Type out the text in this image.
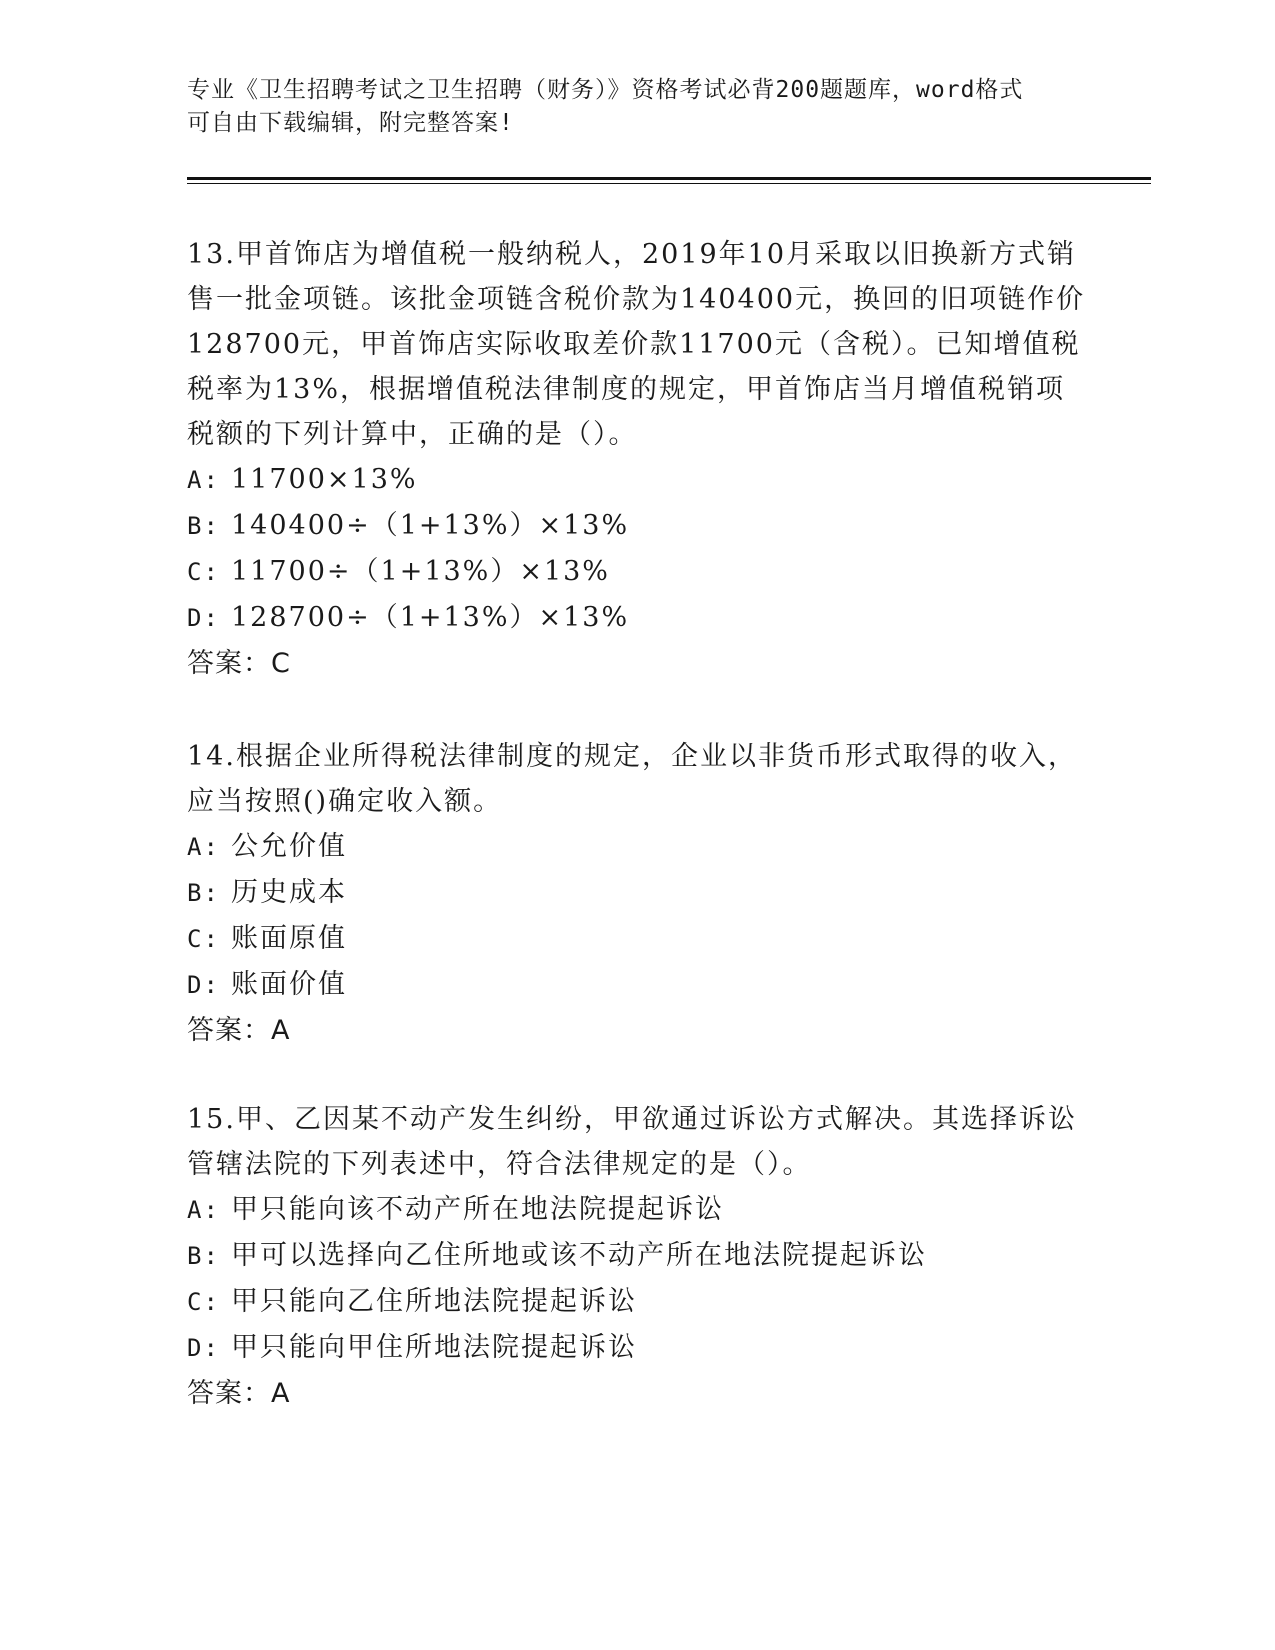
专业《卫生招聘考试之卫生招聘（财务）》资格考试必背200题题库，word格式
可自由下载编辑，附完整答案!

13.甲首饰店为增值税一般纳税人，2019年10月采取以旧换新方式销售一批金项链。该批金项链含税价款为140400元，换回的旧项链作价128700元，甲首饰店实际收取差价款11700元（含税）。已知增值税税率为13%，根据增值税法律制度的规定，甲首饰店当月增值税销项税额的下列计算中，正确的是（）。

A: 11700×13%

B: 140400÷（1+13%）×13%

C: 11700÷（1+13%）×13%

D: 128700÷（1+13%）×13%

答案：C

14.根据企业所得税法律制度的规定，企业以非货币形式取得的收入，应当按照()确定收入额。

A: 公允价值

B: 历史成本

C: 账面原值

D: 账面价值

答案：A

15.甲、乙因某不动产发生纠纷，甲欲通过诉讼方式解决。其选择诉讼管辖法院的下列表述中，符合法律规定的是（）。

A: 甲只能向该不动产所在地法院提起诉讼

B: 甲可以选择向乙住所地或该不动产所在地法院提起诉讼

C: 甲只能向乙住所地法院提起诉讼

D: 甲只能向甲住所地法院提起诉讼

答案：A
